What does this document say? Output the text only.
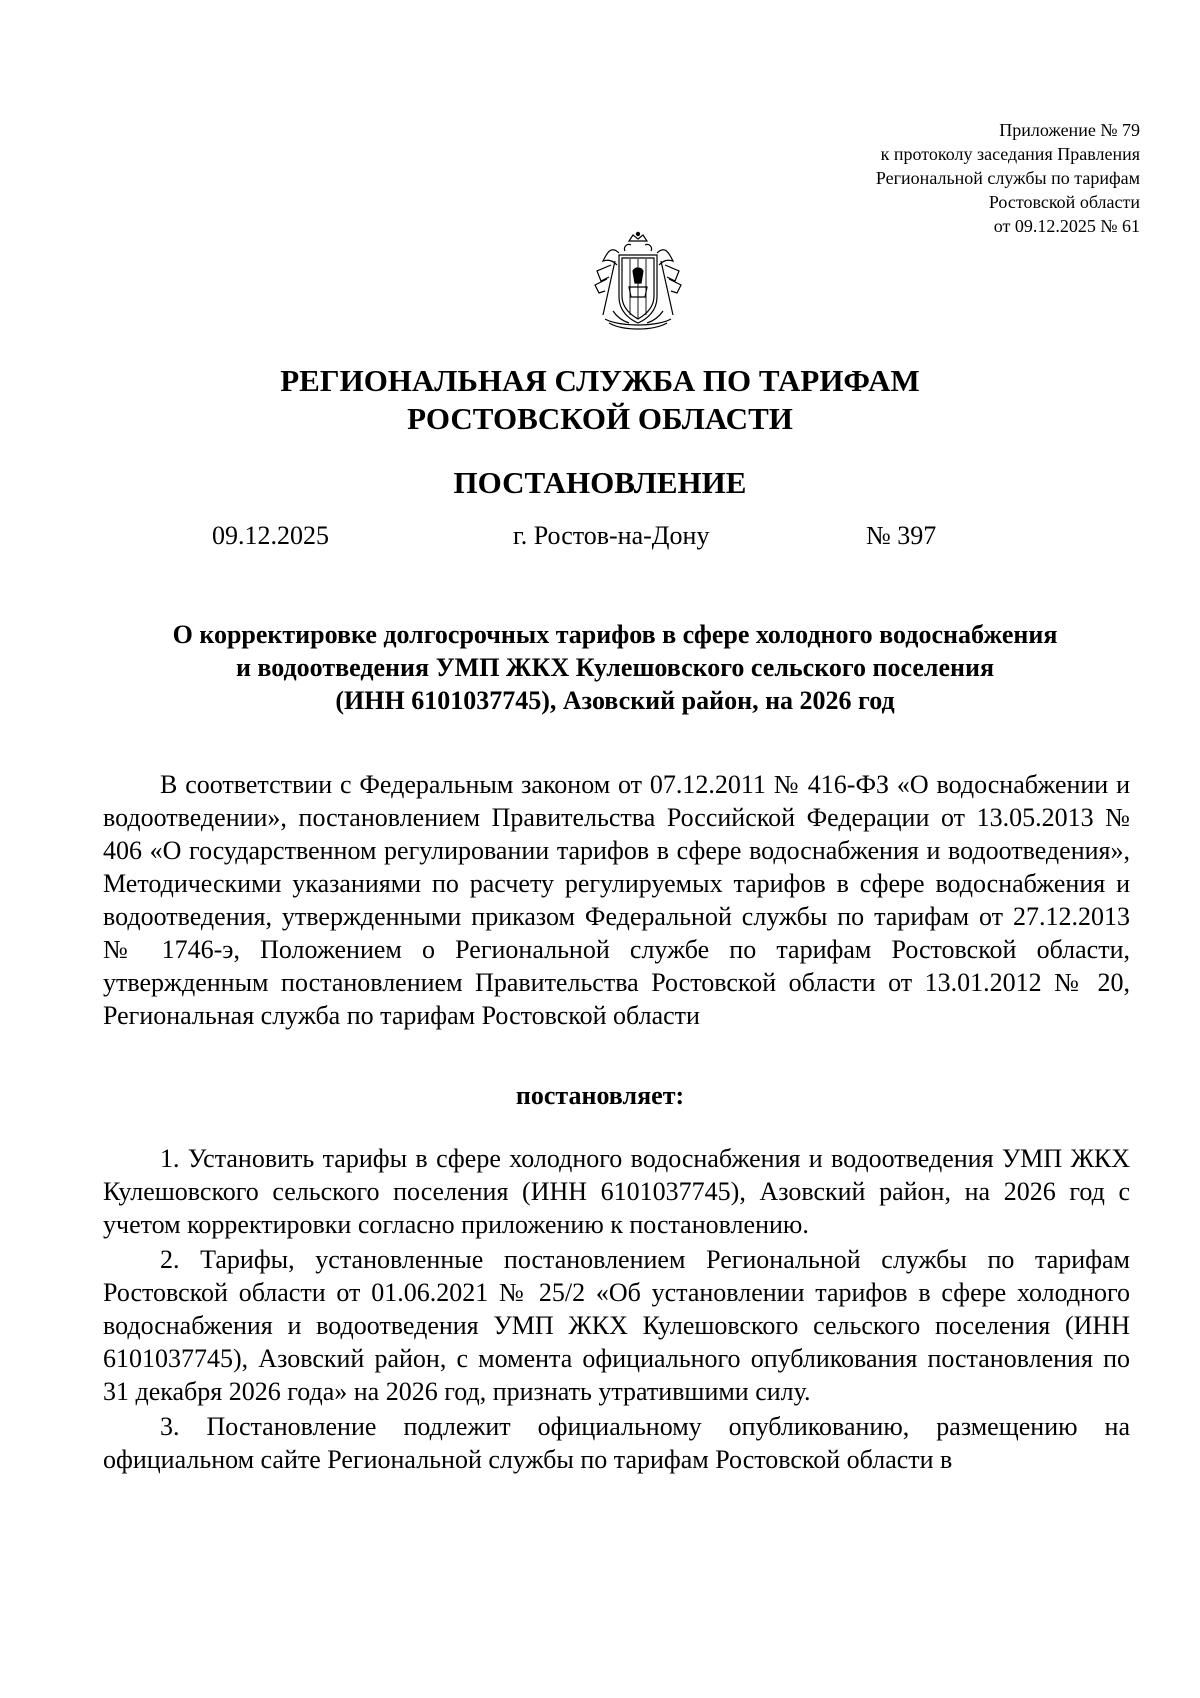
Приложение № 79
к протоколу заседания Правления
Региональной службы по тарифам
Ростовской области
от 09.12.2025 № 61
РЕГИОНАЛЬНАЯ СЛУЖБА ПО ТАРИФАМ
РОСТОВСКОЙ ОБЛАСТИ
ПОСТАНОВЛЕНИЕ
09.12.2025	г. Ростов-на-Дону	№ 397
О корректировке долгосрочных тарифов в сфере холодного водоснабжения
и водоотведения УМП ЖКХ Кулешовского сельского поселения
(ИНН 6101037745), Азовский район, на 2026 год

В соответствии с Федеральным законом от 07.12.2011 № 416-ФЗ «О водоснабжении и водоотведении», постановлением Правительства Российской Федерации от 13.05.2013 № 406 «О государственном регулировании тарифов в сфере водоснабжения и водоотведения», Методическими указаниями по расчету регулируемых тарифов в сфере водоснабжения и водоотведения, утвержденными приказом Федеральной службы по тарифам от 27.12.2013 № 1746-э, Положением о Региональной службе по тарифам Ростовской области, утвержденным постановлением Правительства Ростовской области от 13.01.2012 № 20, Региональная служба по тарифам Ростовской области

постановляет:

1. Установить тарифы в сфере холодного водоснабжения и водоотведения УМП ЖКХ Кулешовского сельского поселения (ИНН 6101037745), Азовский район, на 2026 год с учетом корректировки согласно приложению к постановлению.

2. Тарифы, установленные постановлением Региональной службы по тарифам Ростовской области от 01.06.2021 № 25/2 «Об установлении тарифов в сфере холодного водоснабжения и водоотведения УМП ЖКХ Кулешовского сельского поселения (ИНН 6101037745), Азовский район, с момента официального опубликования постановления по 31 декабря 2026 года» на 2026 год, признать утратившими силу.

3. Постановление подлежит официальному опубликованию, размещению на официальном сайте Региональной службы по тарифам Ростовской области в
